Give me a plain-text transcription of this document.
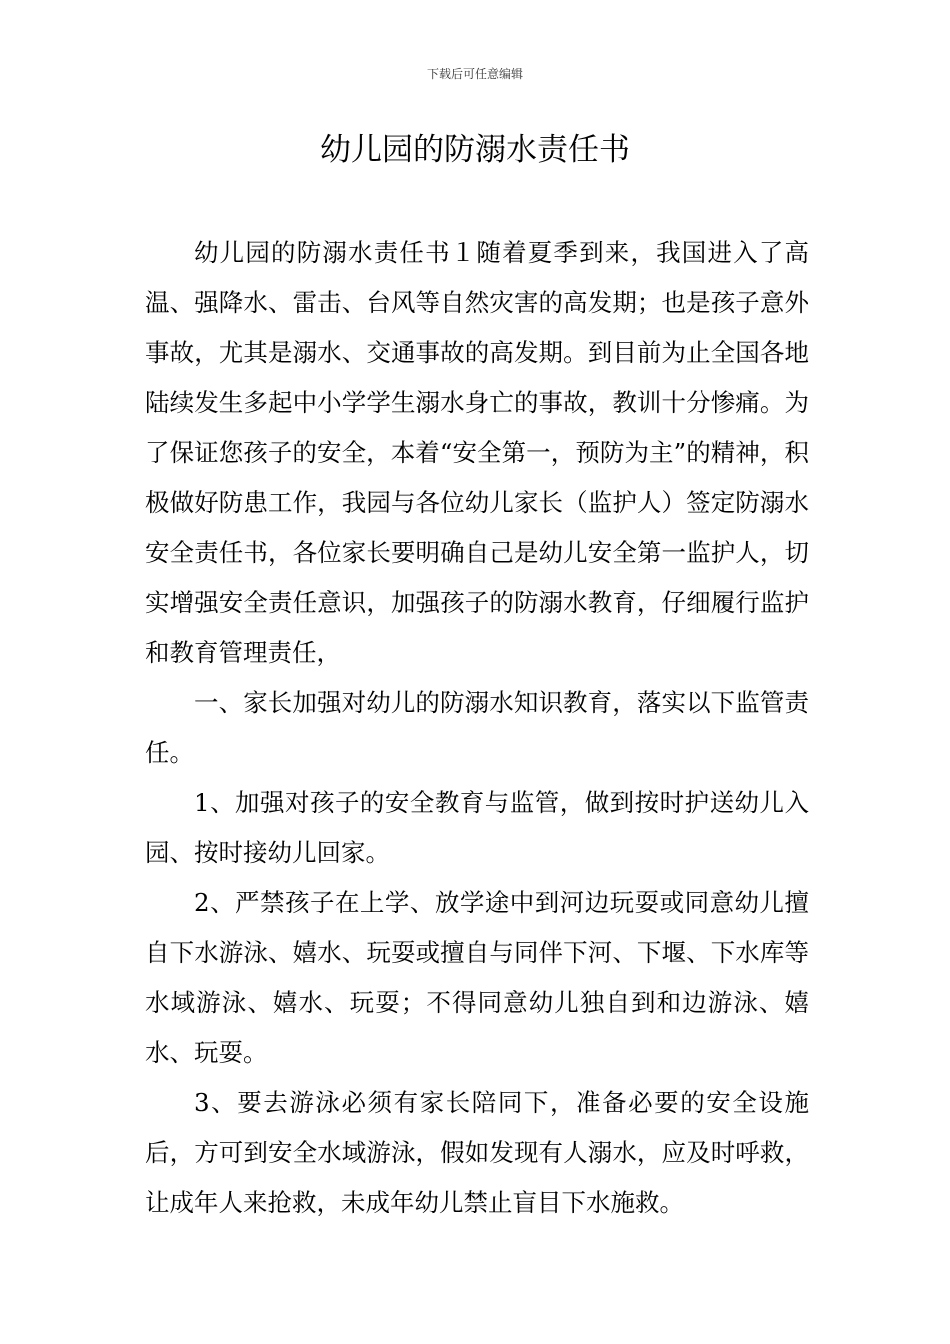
下载后可任意编辑
幼儿园的防溺水责任书

幼儿园的防溺水责任书１随着夏季到来，我国进入了高温、强降水、雷击、台风等自然灾害的高发期；也是孩子意外事故，尤其是溺水、交通事故的高发期。到目前为止全国各地陆续发生多起中小学学生溺水身亡的事故，教训十分惨痛。为了保证您孩子的安全，本着“安全第一，预防为主”的精神，积极做好防患工作，我园与各位幼儿家长（监护人）签定防溺水安全责任书，各位家长要明确自己是幼儿安全第一监护人，切实增强安全责任意识，加强孩子的防溺水教育，仔细履行监护和教育管理责任，

一、家长加强对幼儿的防溺水知识教育，落实以下监管责任。

1、加强对孩子的安全教育与监管，做到按时护送幼儿入园、按时接幼儿回家。

2、严禁孩子在上学、放学途中到河边玩耍或同意幼儿擅自下水游泳、嬉水、玩耍或擅自与同伴下河、下堰、下水库等水域游泳、嬉水、玩耍；不得同意幼儿独自到和边游泳、嬉水、玩耍。

3、要去游泳必须有家长陪同下，准备必要的安全设施后，方可到安全水域游泳，假如发现有人溺水，应及时呼救，让成年人来抢救，未成年幼儿禁止盲目下水施救。
